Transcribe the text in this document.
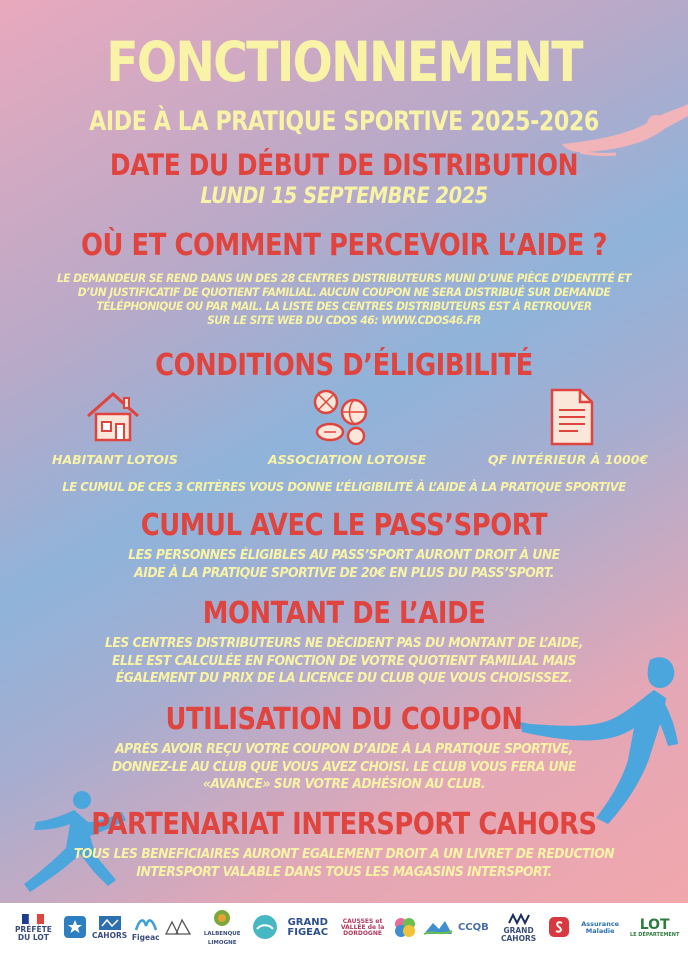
FONCTIONNEMENT
AIDE À LA PRATIQUE SPORTIVE 2025-2026
DATE DU DÉBUT DE DISTRIBUTION
LUNDI 15 SEPTEMBRE 2025
OÙ ET COMMENT PERCEVOIR L’AIDE ?
LE DEMANDEUR SE REND DANS UN DES 28 CENTRES DISTRIBUTEURS MUNI D’UNE PIÈCE D’IDENTITÉ ET
D’UN JUSTIFICATIF DE QUOTIENT FAMILIAL. AUCUN COUPON NE SERA DISTRIBUÉ SUR DEMANDE
TÉLÉPHONIQUE OU PAR MAIL. LA LISTE DES CENTRES DISTRIBUTEURS EST À RETROUVER
SUR LE SITE WEB DU CDOS 46: WWW.CDOS46.FR
CONDITIONS D’ÉLIGIBILITÉ
HABITANT LOTOIS	ASSOCIATION LOTOISE	QF INTÉRIEUR À 1000€
LE CUMUL DE CES 3 CRITÈRES VOUS DONNE L’ÉLIGIBILITÉ À L’AIDE À LA PRATIQUE SPORTIVE
CUMUL AVEC LE PASS’SPORT
LES PERSONNES ÉLIGIBLES AU PASS’SPORT AURONT DROIT À UNE
AIDE À LA PRATIQUE SPORTIVE DE 20€ EN PLUS DU PASS’SPORT.
MONTANT DE L’AIDE
LES CENTRES DISTRIBUTEURS NE DÉCIDENT PAS DU MONTANT DE L’AIDE,
ELLE EST CALCULÉE EN FONCTION DE VOTRE QUOTIENT FAMILIAL MAIS
ÉGALEMENT DU PRIX DE LA LICENCE DU CLUB QUE VOUS CHOISISSEZ.
UTILISATION DU COUPON
APRÈS AVOIR REÇU VOTRE COUPON D’AIDE À LA PRATIQUE SPORTIVE,
DONNEZ-LE AU CLUB QUE VOUS AVEZ CHOISI. LE CLUB VOUS FERA UNE
«AVANCE» SUR VOTRE ADHÉSION AU CLUB.
PARTENARIAT INTERSPORT CAHORS
TOUS LES BENEFICIAIRES AURONT EGALEMENT DROIT A UN LIVRET DE REDUCTION
INTERSPORT VALABLE DANS TOUS LES MAGASINS INTERSPORT.
PRÉFÈTE DU LOT	CAHORS Figeac	LALBENQUE LIMOGNE
GRAND FIGEAC
CAUSSES et VALLÉE de la DORDOGNE
CCQB	GRAND CAHORS
Assurance Maladie	LOT
LE DÉPARTEMENT
